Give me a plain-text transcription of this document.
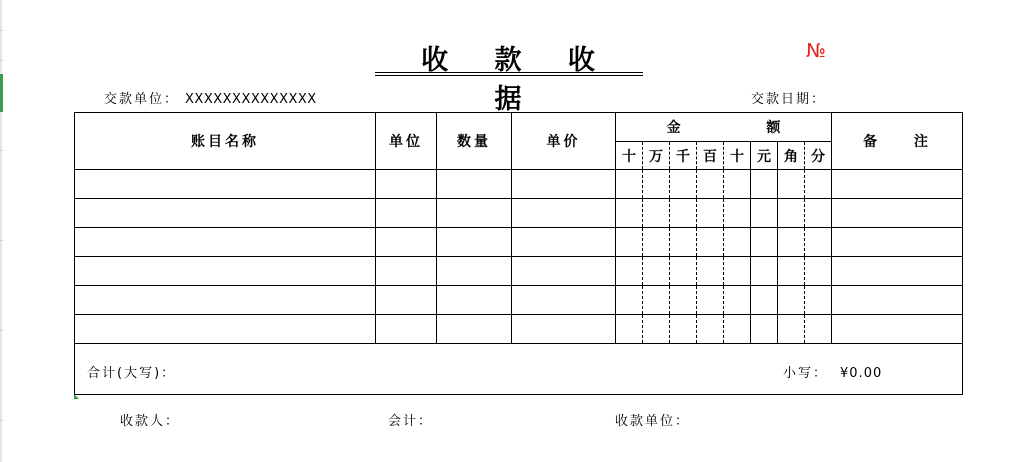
收 款 收 据
№
交款单位： XXXXXXXXXXXXXX	交款日期：
账目名称	单位	数量	单价	金 额								备 注
				十	万	千	百	十	元	角	分	

合计(大写)： 小写： ¥0.00												
收款人：	会计：	收款单位：
